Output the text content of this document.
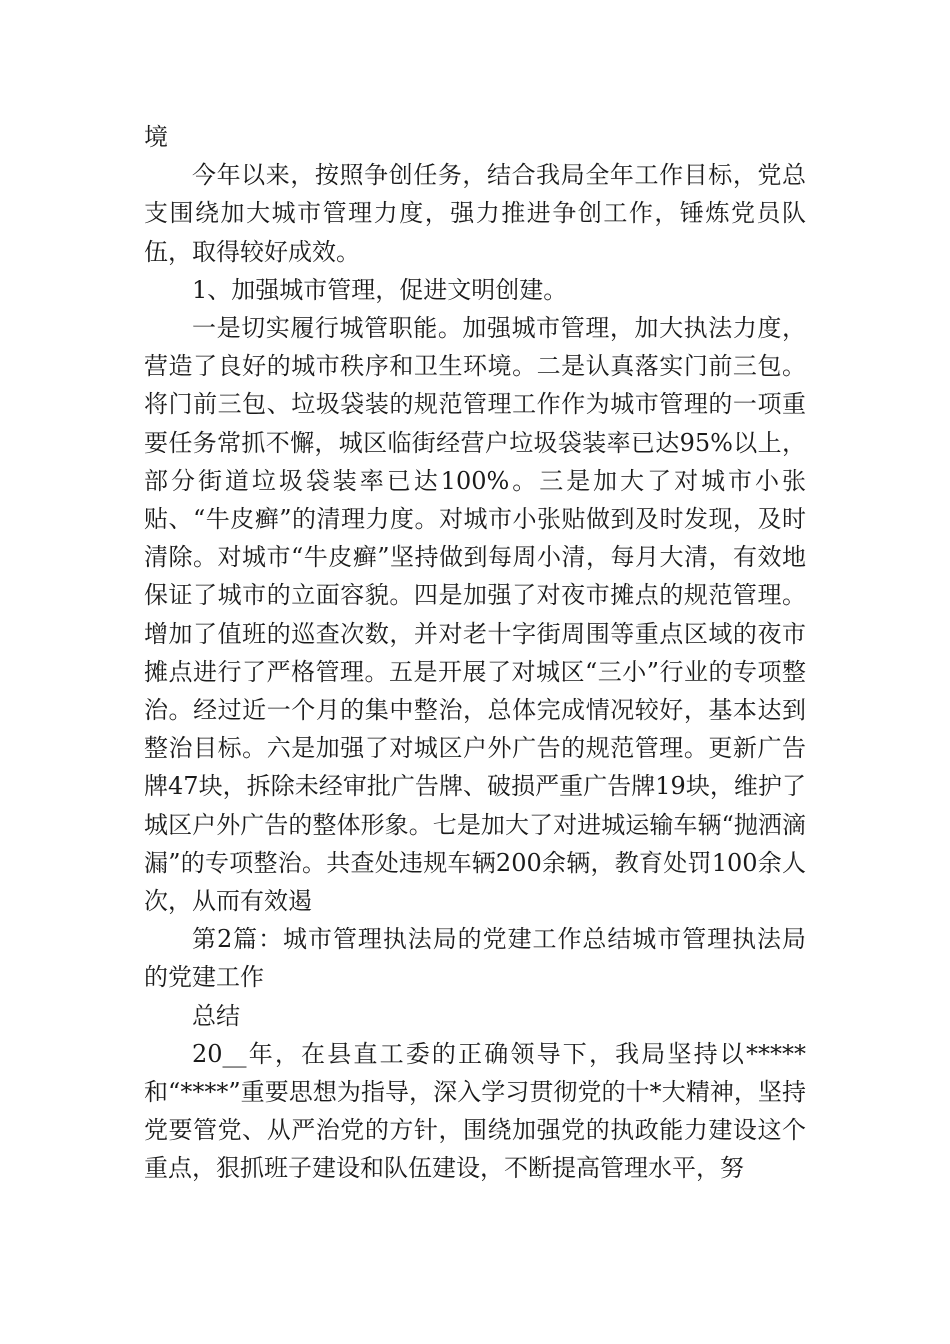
境

今年以来，按照争创任务，结合我局全年工作目标，党总支围绕加大城市管理力度，强力推进争创工作，锤炼党员队伍，取得较好成效。

1、加强城市管理，促进文明创建。

一是切实履行城管职能。加强城市管理，加大执法力度，营造了良好的城市秩序和卫生环境。二是认真落实门前三包。将门前三包、垃圾袋装的规范管理工作作为城市管理的一项重要任务常抓不懈，城区临街经营户垃圾袋装率已达95%以上，部分街道垃圾袋装率已达100%。三是加大了对城市小张贴、“牛皮癣”的清理力度。对城市小张贴做到及时发现，及时清除。对城市“牛皮癣”坚持做到每周小清，每月大清，有效地保证了城市的立面容貌。四是加强了对夜市摊点的规范管理。增加了值班的巡查次数，并对老十字街周围等重点区域的夜市摊点进行了严格管理。五是开展了对城区“三小”行业的专项整治。经过近一个月的集中整治，总体完成情况较好，基本达到整治目标。六是加强了对城区户外广告的规范管理。更新广告牌47块，拆除未经审批广告牌、破损严重广告牌19块，维护了城区户外广告的整体形象。七是加大了对进城运输车辆“抛洒滴漏”的专项整治。共查处违规车辆200余辆，教育处罚100余人次，从而有效遏

第2篇：城市管理执法局的党建工作总结城市管理执法局的党建工作

总结

20__年，在县直工委的正确领导下，我局坚持以*****和“****”重要思想为指导，深入学习贯彻党的十*大精神，坚持党要管党、从严治党的方针，围绕加强党的执政能力建设这个重点，狠抓班子建设和队伍建设，不断提高管理水平，努
